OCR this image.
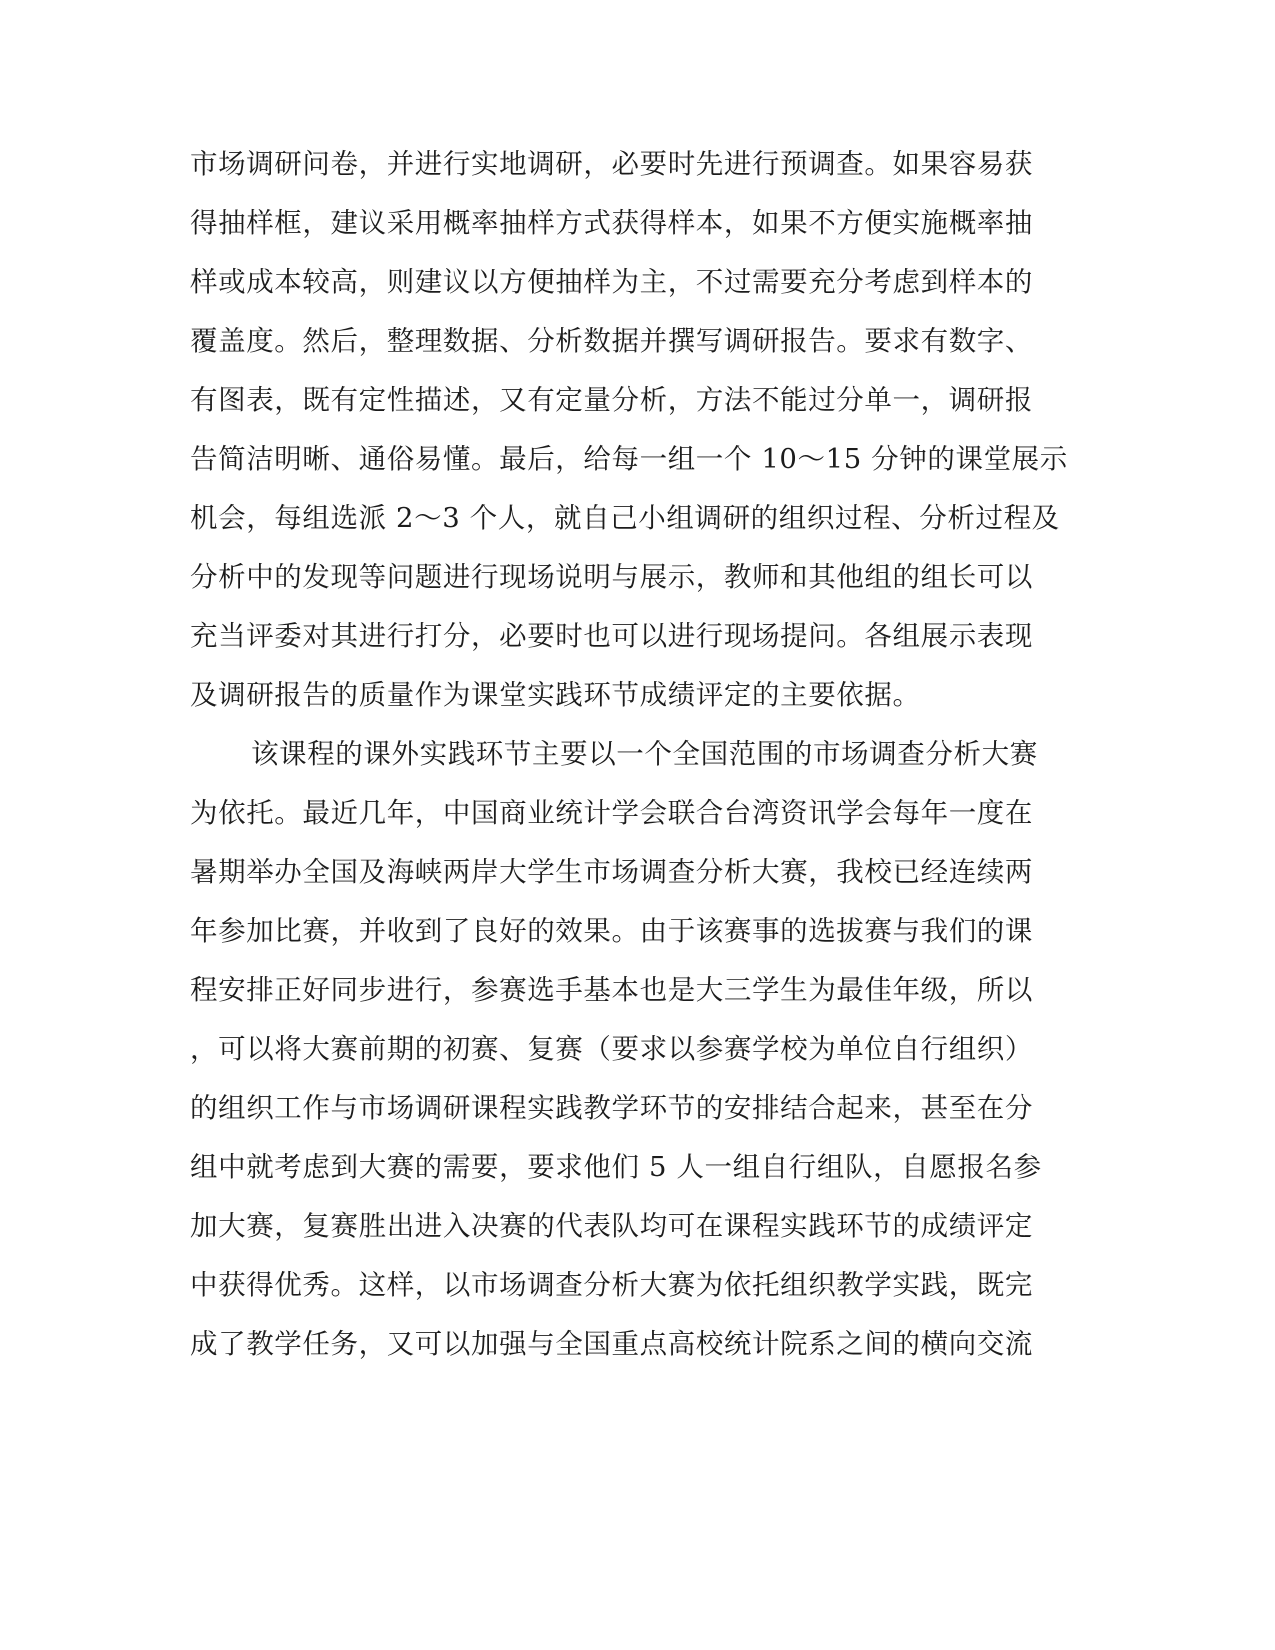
市场调研问卷，并进行实地调研，必要时先进行预调查。如果容易获
得抽样框，建议采用概率抽样方式获得样本，如果不方便实施概率抽
样或成本较高，则建议以方便抽样为主，不过需要充分考虑到样本的
覆盖度。然后，整理数据、分析数据并撰写调研报告。要求有数字、
有图表，既有定性描述，又有定量分析，方法不能过分单一，调研报
告简洁明晰、通俗易懂。最后，给每一组一个 10～15 分钟的课堂展示
机会，每组选派 2～3 个人，就自己小组调研的组织过程、分析过程及
分析中的发现等问题进行现场说明与展示，教师和其他组的组长可以
充当评委对其进行打分，必要时也可以进行现场提问。各组展示表现
及调研报告的质量作为课堂实践环节成绩评定的主要依据。
该课程的课外实践环节主要以一个全国范围的市场调查分析大赛
为依托。最近几年，中国商业统计学会联合台湾资讯学会每年一度在
暑期举办全国及海峡两岸大学生市场调查分析大赛，我校已经连续两
年参加比赛，并收到了良好的效果。由于该赛事的选拔赛与我们的课
程安排正好同步进行，参赛选手基本也是大三学生为最佳年级，所以
，可以将大赛前期的初赛、复赛（要求以参赛学校为单位自行组织）
的组织工作与市场调研课程实践教学环节的安排结合起来，甚至在分
组中就考虑到大赛的需要，要求他们 5 人一组自行组队，自愿报名参
加大赛，复赛胜出进入决赛的代表队均可在课程实践环节的成绩评定
中获得优秀。这样，以市场调查分析大赛为依托组织教学实践，既完
成了教学任务，又可以加强与全国重点高校统计院系之间的横向交流
